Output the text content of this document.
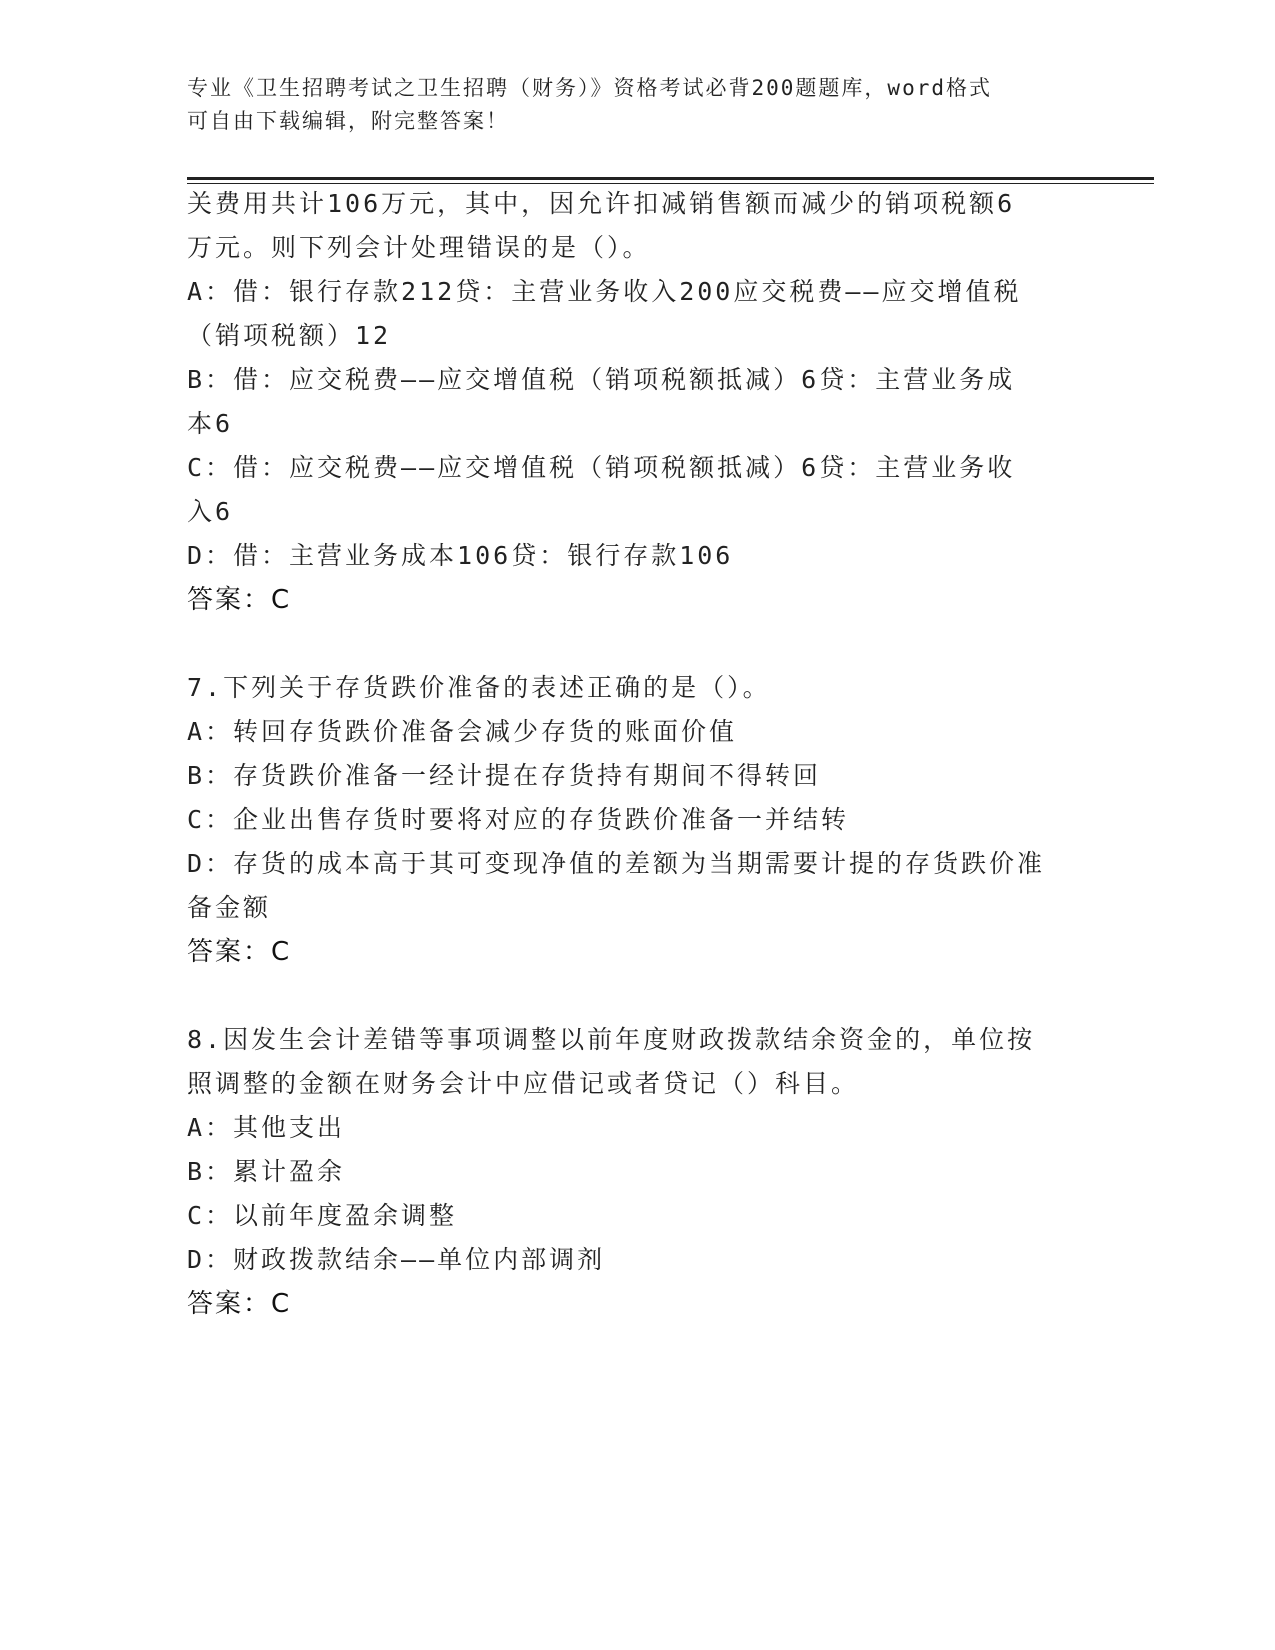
专业《卫生招聘考试之卫生招聘（财务）》资格考试必背200题题库，word格式
可自由下载编辑，附完整答案！
关费用共计106万元，其中，因允许扣减销售额而减少的销项税额6
万元。则下列会计处理错误的是（）。
A：借：银行存款212贷：主营业务收入200应交税费——应交增值税
（销项税额）12
B：借：应交税费——应交增值税（销项税额抵减）6贷：主营业务成
本6
C：借：应交税费——应交增值税（销项税额抵减）6贷：主营业务收
入6
D：借：主营业务成本106贷：银行存款106
答案：C
7.下列关于存货跌价准备的表述正确的是（）。
A：转回存货跌价准备会减少存货的账面价值
B：存货跌价准备一经计提在存货持有期间不得转回
C：企业出售存货时要将对应的存货跌价准备一并结转
D：存货的成本高于其可变现净值的差额为当期需要计提的存货跌价准
备金额
答案：C
8.因发生会计差错等事项调整以前年度财政拨款结余资金的，单位按
照调整的金额在财务会计中应借记或者贷记（）科目。
A：其他支出
B：累计盈余
C：以前年度盈余调整
D：财政拨款结余——单位内部调剂
答案：C
